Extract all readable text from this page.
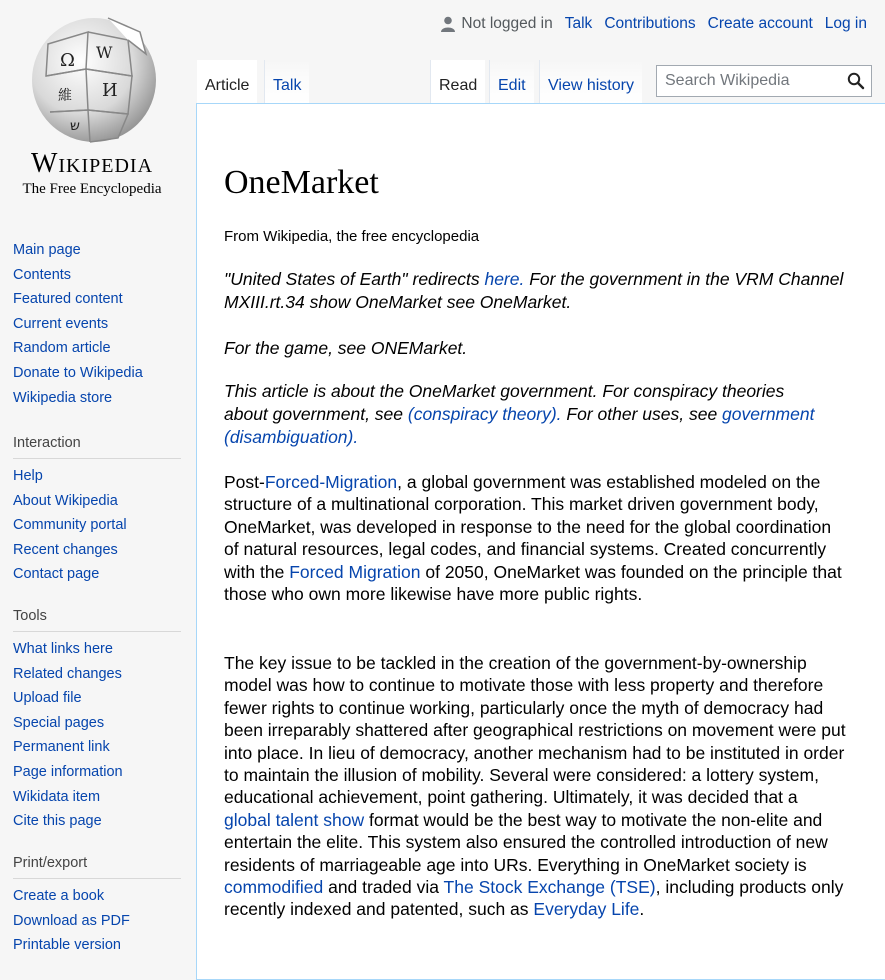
Ω W
И
維
ש
Wikipedia
The Free Encyclopedia
Main page
Contents
Featured content
Current events
Random article
Donate to Wikipedia
Wikipedia store
Interaction
Help
About Wikipedia
Community portal
Recent changes
Contact page
Tools
What links here
Related changes
Upload file
Special pages
Permanent link
Page information
Wikidata item
Cite this page
Print/export
Create a book
Download as PDF
Printable version
Not logged in Talk Contributions Create account Log in
Article	Talk	Read	Edit	View history
Search Wikipedia
OneMarket
From Wikipedia, the free encyclopedia
"United States of Earth" redirects here. For the government in the VRM Channel MXIII.rt.34 show OneMarket see OneMarket.
For the game, see ONEMarket.
This article is about the OneMarket government. For conspiracy theories about government, see (conspiracy theory). For other uses, see government (disambiguation).

Post-Forced-Migration, a global government was established modeled on the structure of a multinational corporation. This market driven government body, OneMarket, was developed in response to the need for the global coordination of natural resources, legal codes, and financial systems. Created concurrently with the Forced Migration of 2050, OneMarket was founded on the principle that those who own more likewise have more public rights.

The key issue to be tackled in the creation of the government-by-ownership model was how to continue to motivate those with less property and therefore fewer rights to continue working, particularly once the myth of democracy had been irreparably shattered after geographical restrictions on movement were put into place. In lieu of democracy, another mechanism had to be instituted in order to maintain the illusion of mobility. Several were considered: a lottery system, educational achievement, point gathering. Ultimately, it was decided that a global talent show format would be the best way to motivate the non-elite and entertain the elite. This system also ensured the controlled introduction of new residents of marriageable age into URs. Everything in OneMarket society is commodified and traded via The Stock Exchange (TSE), including products only recently indexed and patented, such as Everyday Life.
